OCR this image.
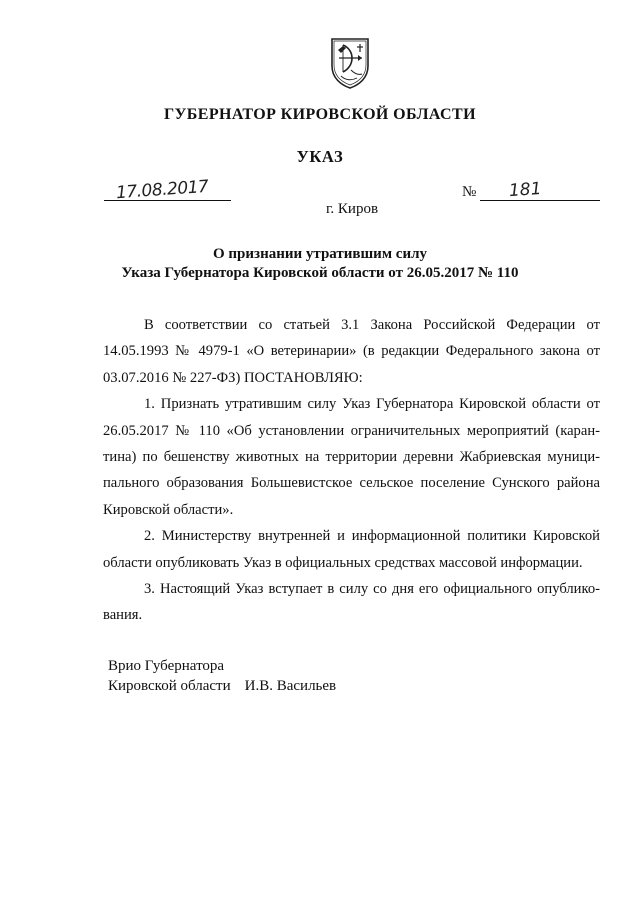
ГУБЕРНАТОР КИРОВСКОЙ ОБЛАСТИ
УКАЗ
17.08.2017	№ 181
г. Киров
О признании утратившим силу
Указа Губернатора Кировской области от 26.05.2017 № 110

В соответствии со статьей 3.1 Закона Российской Федерации от 14.05.1993 № 4979-1 «О ветеринарии» (в редакции Федерального закона от 03.07.2016 № 227-ФЗ) ПОСТАНОВЛЯЮ:

1. Признать утратившим силу Указ Губернатора Кировской области от 26.05.2017 № 110 «Об установлении ограничительных мероприятий (каран-тина) по бешенству животных на территории деревни Жабриевская муници-пального образования Большевистское сельское поселение Сунского района Кировской области».

2. Министерству внутренней и информационной политики Кировской области опубликовать Указ в официальных средствах массовой информации.

3. Настоящий Указ вступает в силу со дня его официального опублико-вания.

Врио Губернатора
Кировской области И.В. Васильев
